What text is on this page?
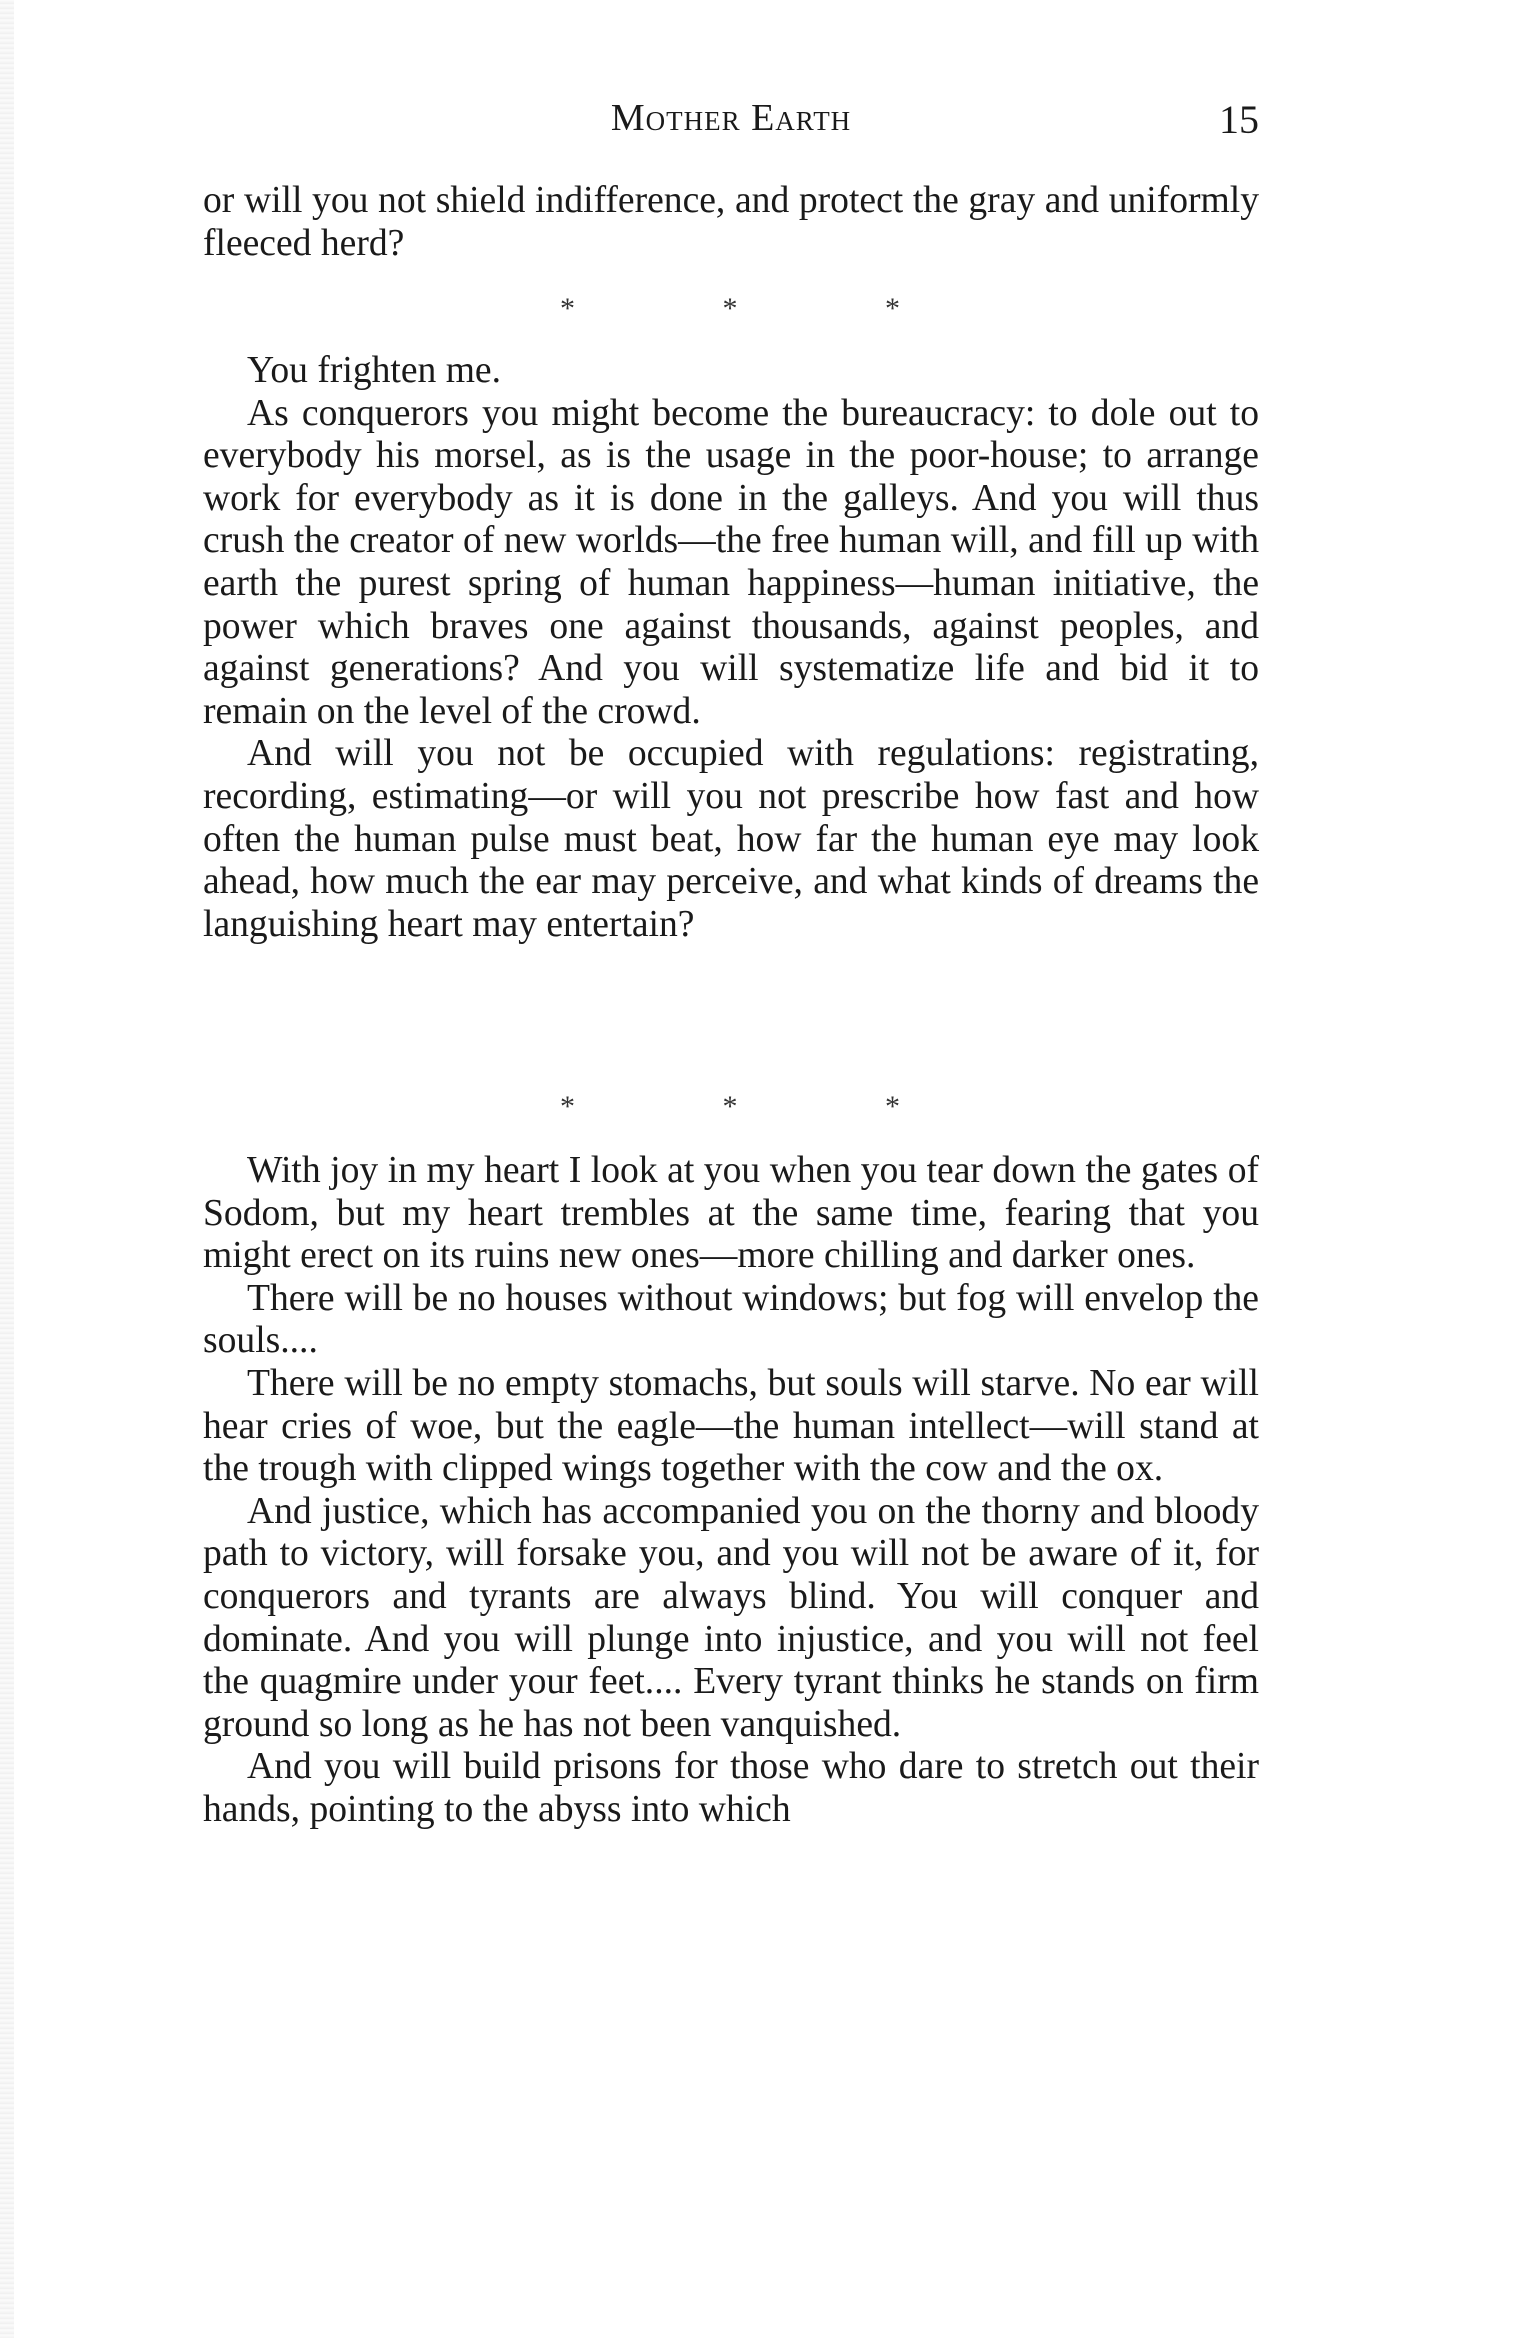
Mother Earth	15

or will you not shield indifference, and protect the gray and uniformly fleeced herd?

*	*	*

You frighten me.

As conquerors you might become the bureaucracy: to dole out to everybody his morsel, as is the usage in the poor-house; to arrange work for everybody as it is done in the galleys. And you will thus crush the creator of new worlds—the free human will, and fill up with earth the purest spring of human happiness—human initiative, the power which braves one against thousands, against peoples, and against generations? And you will systematize life and bid it to remain on the level of the crowd.

And will you not be occupied with regulations: registrating, recording, estimating—or will you not prescribe how fast and how often the human pulse must beat, how far the human eye may look ahead, how much the ear may perceive, and what kinds of dreams the languishing heart may entertain?

*	*	*

With joy in my heart I look at you when you tear down the gates of Sodom, but my heart trembles at the same time, fearing that you might erect on its ruins new ones—more chilling and darker ones.

There will be no houses without windows; but fog will envelop the souls....

There will be no empty stomachs, but souls will starve. No ear will hear cries of woe, but the eagle—the human intellect—will stand at the trough with clipped wings together with the cow and the ox.

And justice, which has accompanied you on the thorny and bloody path to victory, will forsake you, and you will not be aware of it, for conquerors and tyrants are always blind. You will conquer and dominate. And you will plunge into injustice, and you will not feel the quagmire under your feet.... Every tyrant thinks he stands on firm ground so long as he has not been vanquished.

And you will build prisons for those who dare to stretch out their hands, pointing to the abyss into which
